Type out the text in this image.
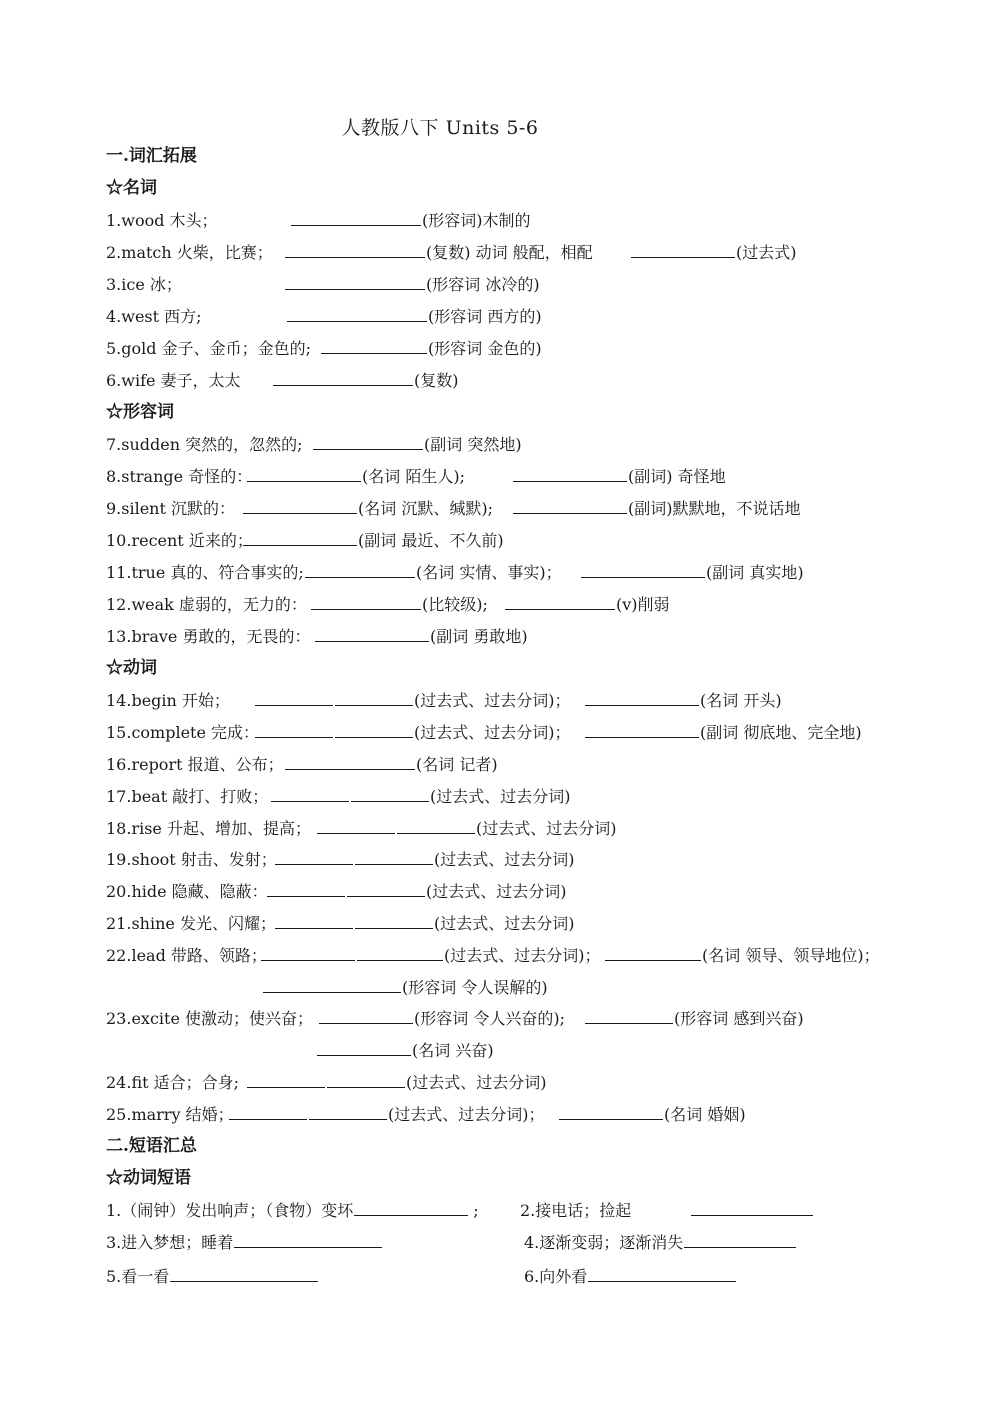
人教版八下 Units 5-6
一.词汇拓展
☆名词
1.wood 木头；	(形容词)木制的
2.match 火柴，比赛；	(复数) 动词 般配，相配	(过去式)
3.ice 冰；	(形容词 冰冷的)
4.west 西方;	(形容词 西方的)
5.gold 金子、金币；金色的;	(形容词 金色的)
6.wife 妻子，太太	(复数)
☆形容词
7.sudden 突然的，忽然的;	(副词 突然地)
8.strange 奇怪的：	(名词 陌生人);	(副词) 奇怪地
9.silent 沉默的：	(名词 沉默、缄默);	(副词)默默地，不说话地
10.recent 近来的；	(副词 最近、不久前)
11.true 真的、符合事实的;	(名词 实情、事实)；	(副词 真实地)
12.weak 虚弱的，无力的：	(比较级);	(v)削弱
13.brave 勇敢的，无畏的：	(副词 勇敢地)
☆动词
14.begin 开始；	(过去式、过去分词)；	(名词 开头)
15.complete 完成：	(过去式、过去分词)；	(副词 彻底地、完全地)
16.report 报道、公布；	(名词 记者)
17.beat 敲打、打败；	(过去式、过去分词)
18.rise 升起、增加、提高；	(过去式、过去分词)
19.shoot 射击、发射；	(过去式、过去分词)
20.hide 隐藏、隐蔽：	(过去式、过去分词)
21.shine 发光、闪耀；	(过去式、过去分词)
22.lead 带路、领路；	(过去式、过去分词)；	(名词 领导、领导地位)；
(形容词 令人误解的)
23.excite 使激动；使兴奋；	(形容词 令人兴奋的);	(形容词 感到兴奋)
(名词 兴奋)
24.fit 适合；合身;	(过去式、过去分词)
25.marry 结婚；	(过去式、过去分词)；	(名词 婚姻)
二.短语汇总
☆动词短语
1.（闹钟）发出响声；（食物）变坏	;	2.接电话；捡起
3.进入梦想；睡着	4.逐渐变弱；逐渐消失
5.看一看	6.向外看
